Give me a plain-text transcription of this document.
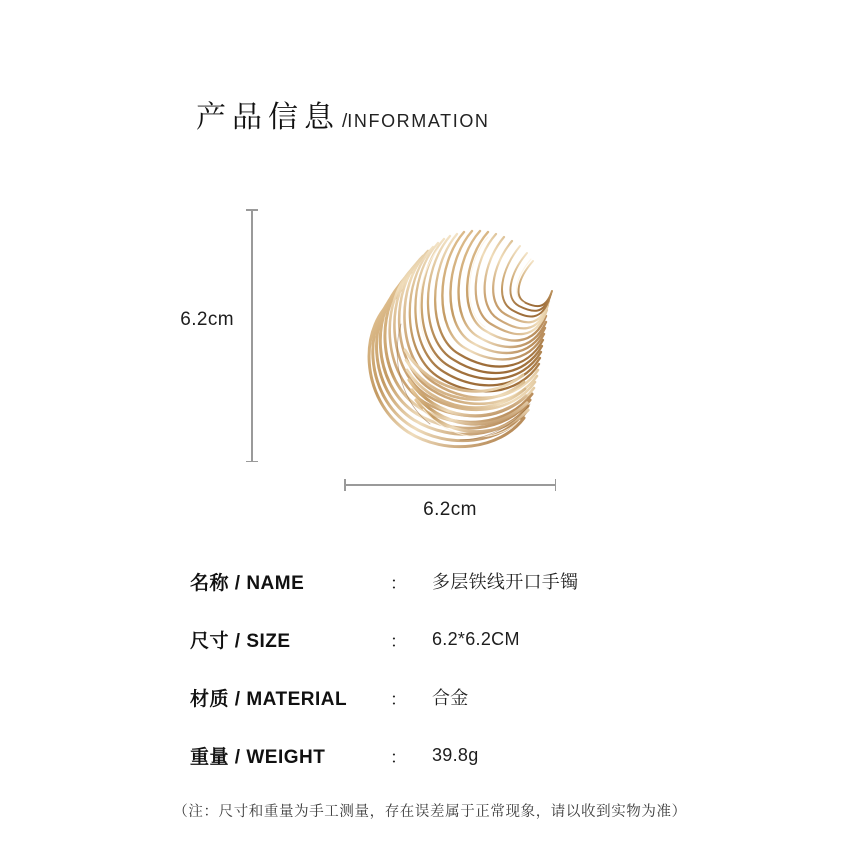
产品信息 / INFORMATION
6.2cm
6.2cm
名称 / NAME	：	多层铁线开口手镯
尺寸 / SIZE	：	6.2*6.2CM
材质 / MATERIAL	：	合金
重量 / WEIGHT	：	39.8g
（注：尺寸和重量为手工测量，存在误差属于正常现象，请以收到实物为准）
